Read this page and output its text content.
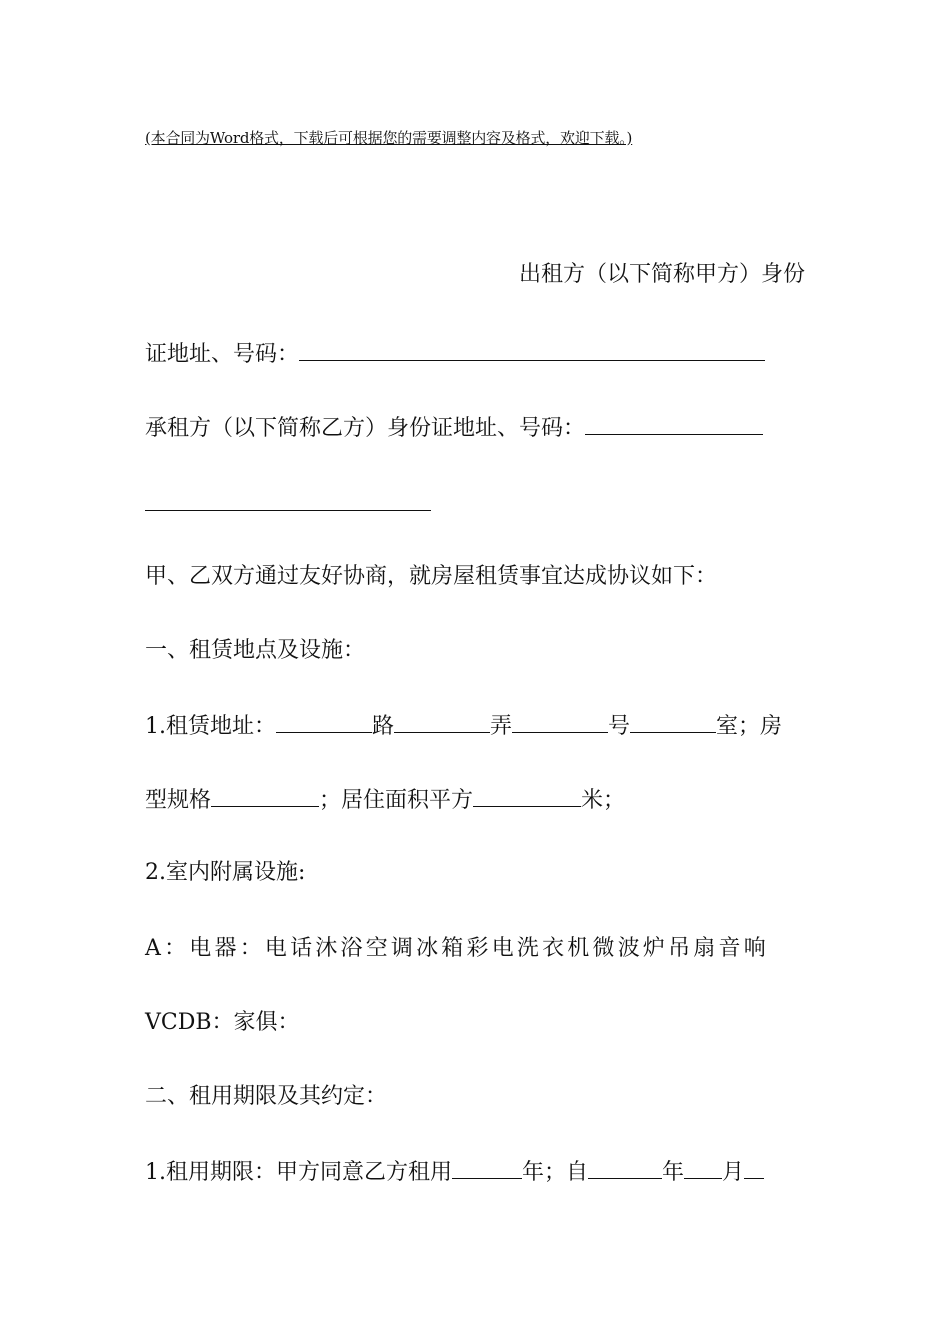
(本合同为Word格式，下载后可根据您的需要调整内容及格式，欢迎下载。)
出租方（以下简称甲方）身份
证地址、号码：
承租方（以下简称乙方）身份证地址、号码：
甲、乙双方通过友好协商，就房屋租赁事宜达成协议如下：
一、租赁地点及设施：
1.租赁地址：	路	弄	号	室；房
型规格	；居住面积平方	米；
2.室内附属设施:
A：电器：电话沐浴空调冰箱彩电洗衣机微波炉吊扇音响
VCDB：家俱：
二、租用期限及其约定：
1.租用期限：甲方同意乙方租用	年；自	年 月
